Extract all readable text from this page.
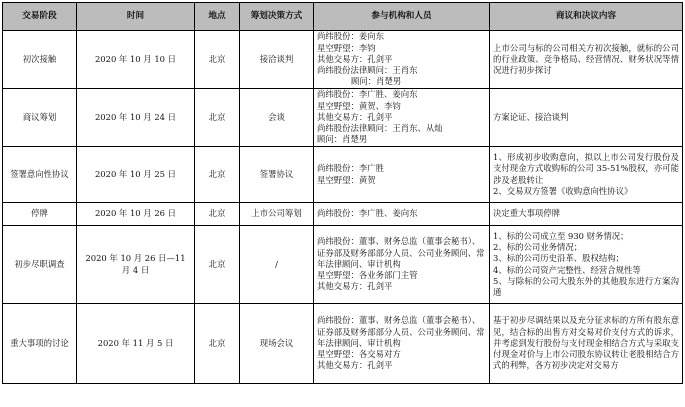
交易阶段	时间	地点	筹划决策方式	参与机构和人员	商议和决议内容
初次接触	2020 年 10 月 10 日	北京	接洽谈判	尚纬股份：姜向东
星空野望：李钧
其他交易方：孔剑平
尚纬股份法律顾问：王肖东
顾问：肖楚男	上市公司与标的公司相关方初次接触，就标的公司的行业政策、竞争格局、经营情况、财务状况等情况进行初步探讨

商议筹划	2020 年 10 月 24 日	北京	会谈	尚纬股份：李广胜、姜向东
星空野望：黄贺、李钧
其他交易方：孔剑平
尚纬股份法律顾问：王肖东、从灿
顾问：肖楚男	方案论证、接洽谈判

签署意向性协议	2020 年 10 月 25 日	北京	签署协议	尚纬股份：李广胜
星空野望：黄贺	1、形成初步收购意向，拟以上市公司发行股份及支付现金方式收购标的公司 35-51%股权，亦可能涉及老股转让
2、交易双方签署《收购意向性协议》

停牌	2020 年 10 月 26 日	北京	上市公司筹划	尚纬股份：李广胜、姜向东	决定重大事项停牌

初步尽职调查	2020 年 10 月 26 日—11 月 4 日	北京	/	尚纬股份：董事、财务总监（董事会秘书）、证券部及财务部部分人员、公司业务顾问、常年法律顾问、审计机构
星空野望：各业务部门主管
其他交易方：孔剑平	1、标的公司成立至 930 财务情况；
2、标的公司业务情况；
3、标的公司历史沿革、股权结构；
4、标的公司资产完整性、经营合规性等
5、与除标的公司大股东外的其他股东进行方案沟通

重大事项的讨论	2020 年 11 月 5 日	北京	现场会议	尚纬股份：董事、财务总监（董事会秘书）、证券部及财务部部分人员、公司业务顾问、常年法律顾问、审计机构
星空野望：各交易对方
其他交易方：孔剑平	基于初步尽调结果以及充分征求标的方所有股东意见，结合标的出售方对交易对价支付方式的诉求，并考虑到发行股份与支付现金相结合方式与采取支付现金对价与上市公司股东协议转让老股相结合方式的利弊，各方初步决定对交易方
